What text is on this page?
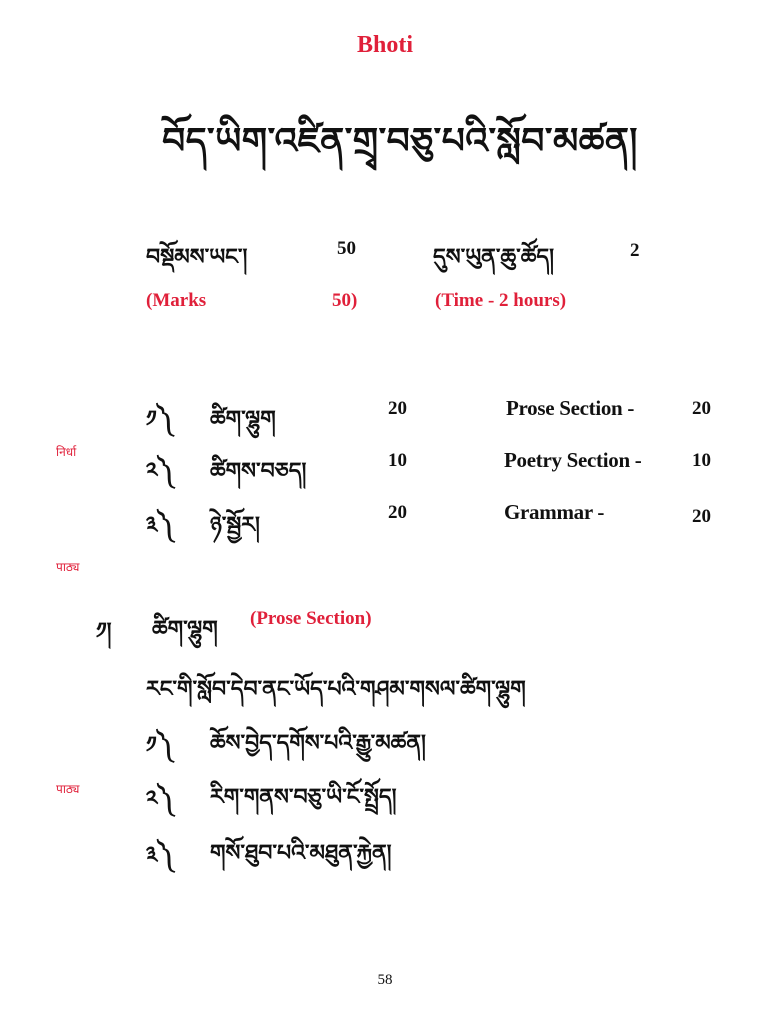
Bhoti
བོད་ཡིག་འཛིན་གྲྭ་བཅུ་པའི་སློབ་མཚན།
བསྡོམས་ཡང་།	50	དུས་ཡུན་ཆུ་ཚོད།	2
(Marks	50)	(Time - 2 hours)
निर्धा
पाठ्य
पाठ्य
༡༽ ཚིག་ལྷུག	20	Prose Section -	20
༢༽ ཚིགས་བཅད།	10	Poetry Section -	10
༣༽ ཉེ་སྦྱོར།	20	Grammar -	20
༡། ཚིག་ལྷུག (Prose Section)
རང་གི་སློབ་དེབ་ནང་ཡོད་པའི་གཤམ་གསལ་ཚིག་ལྷུག
༡༽ ཆོས་བྱེད་དགོས་པའི་རྒྱུ་མཚན།
༢༽ རིག་གནས་བཅུ་ཡི་ངོ་སྤྲོད།
༣༽ གསོ་ཐུབ་པའི་མཐུན་རྐྱེན།
58
